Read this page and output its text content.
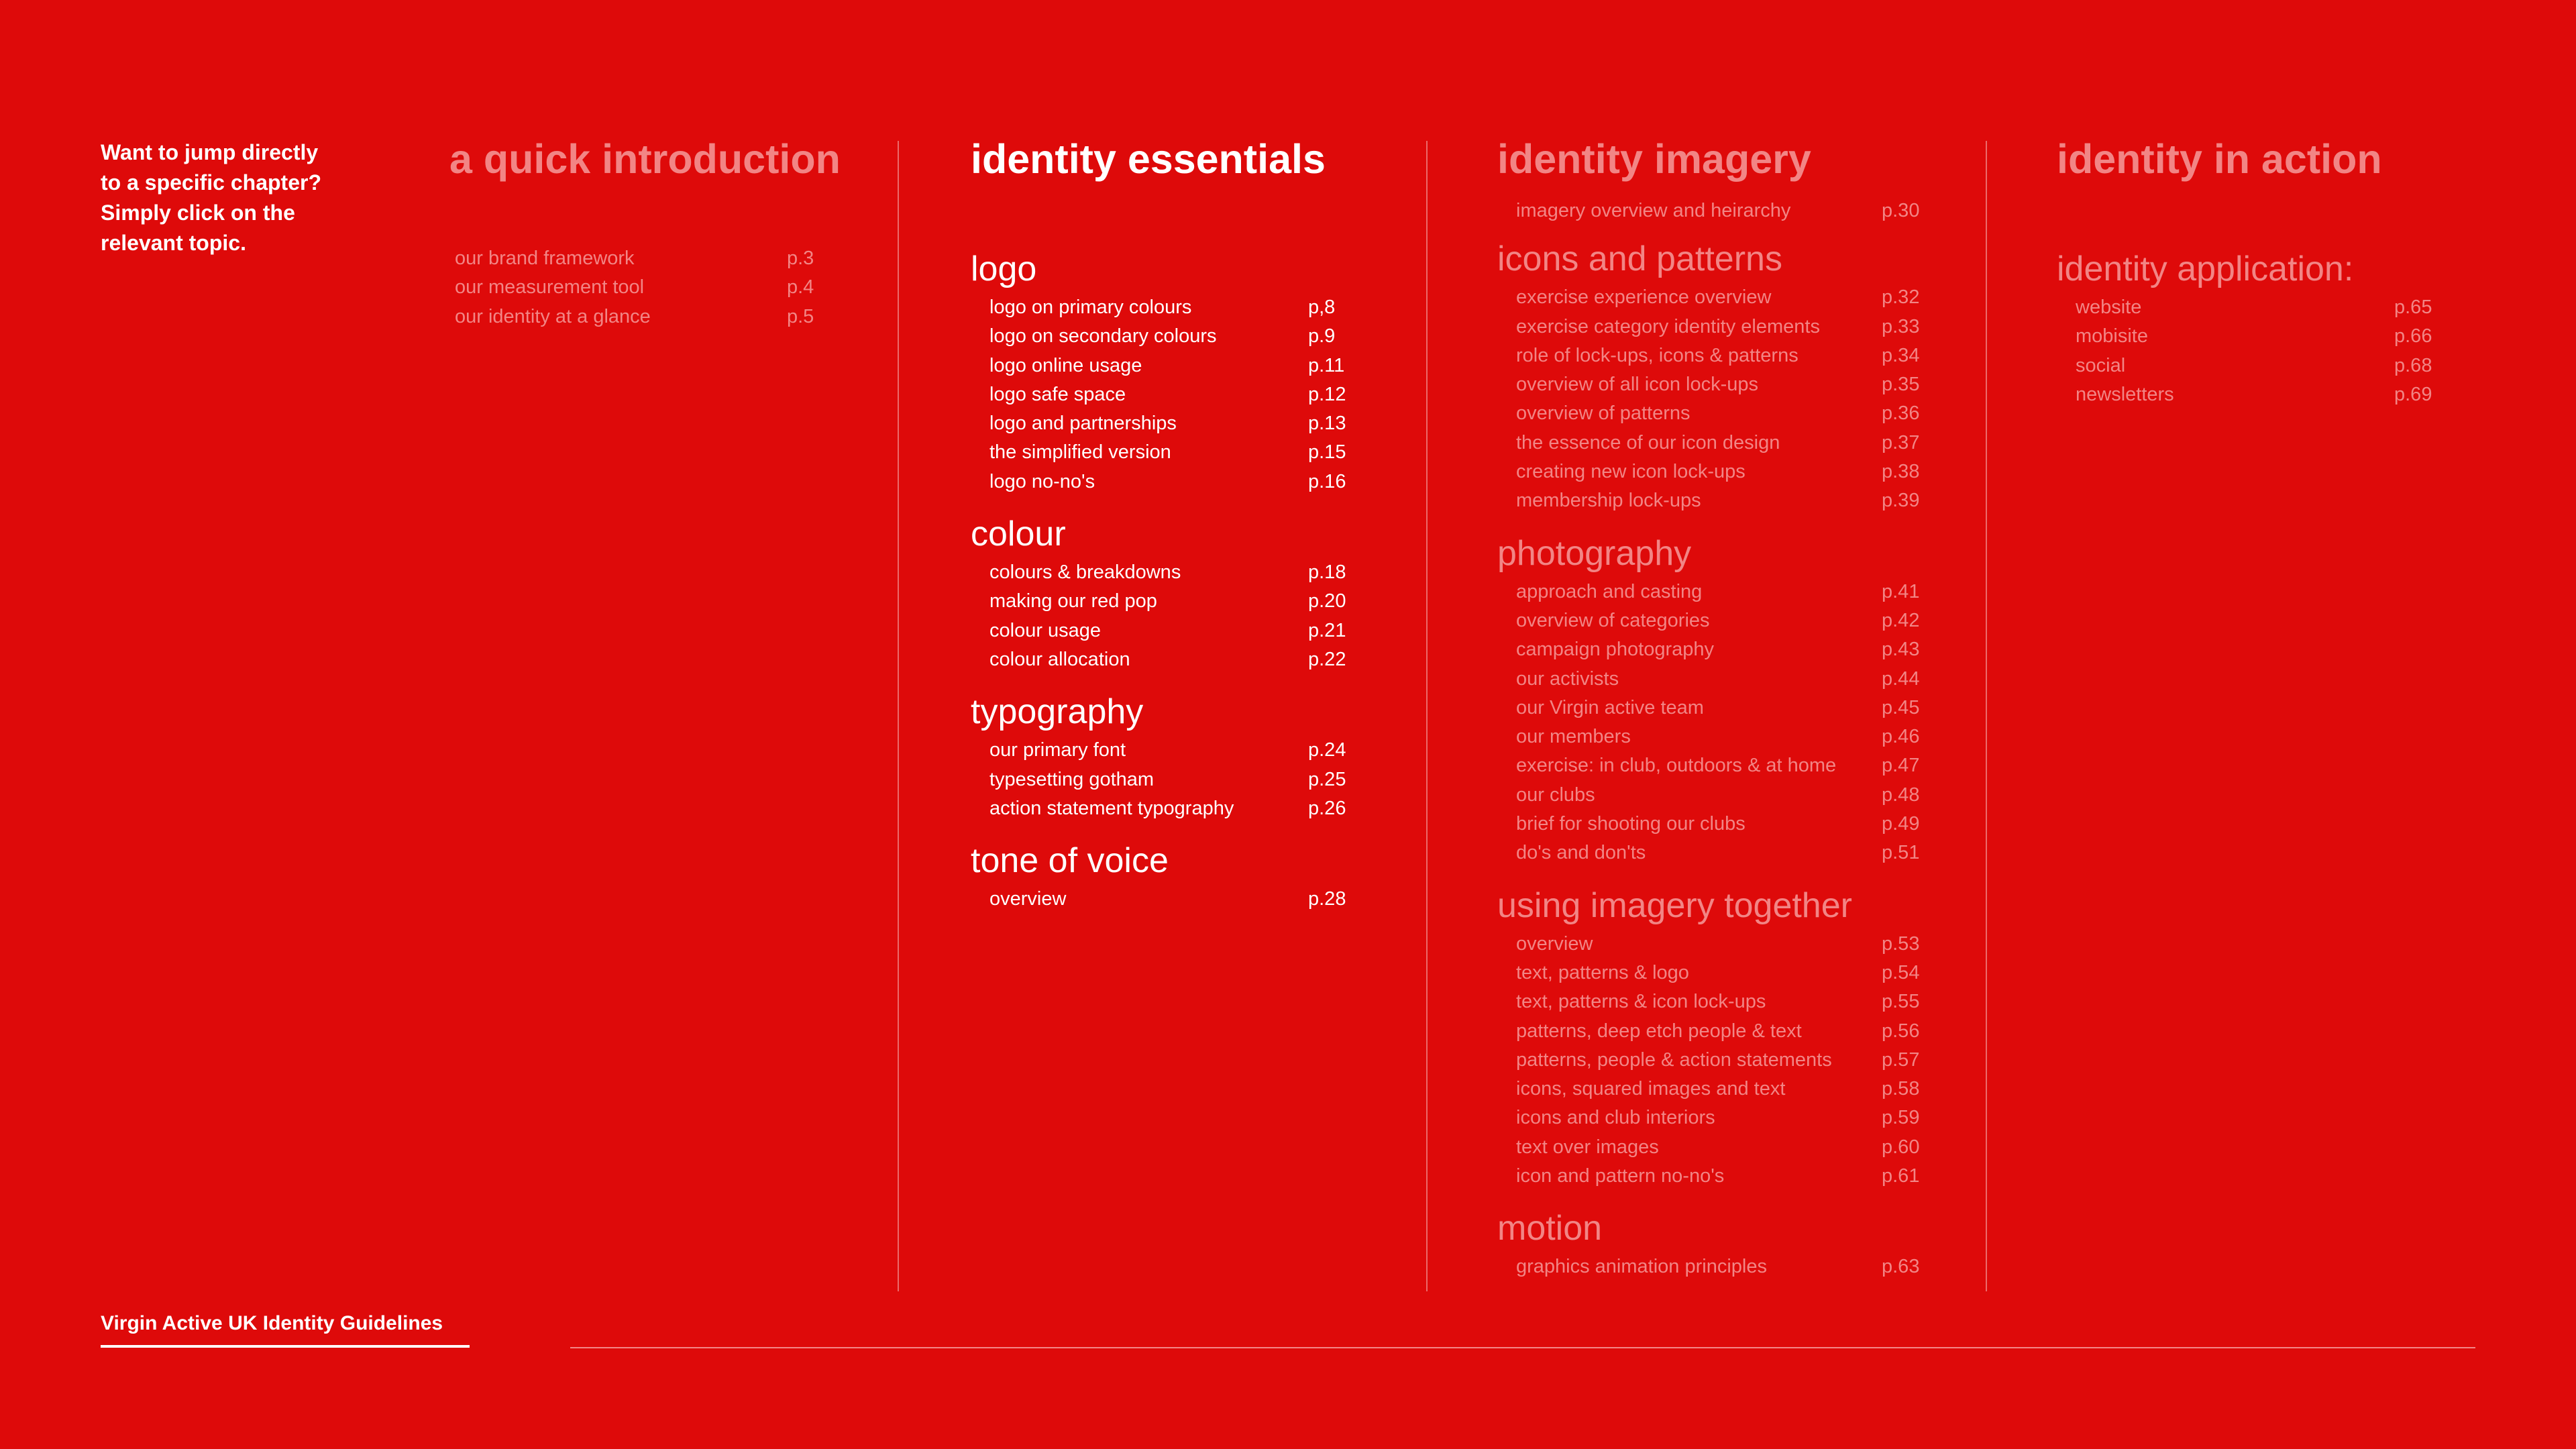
Want to jump directly
to a specific chapter?
Simply click on the
relevant topic.
a quick introduction
our brand framework	p.3
our measurement tool	p.4
our identity at a glance	p.5
identity essentials
logo
logo on primary colours	p,8
logo on secondary colours	p.9
logo online usage	p.11
logo safe space	p.12
logo and partnerships	p.13
the simplified version	p.15
logo no-no's	p.16
colour
colours & breakdowns	p.18
making our red pop	p.20
colour usage	p.21
colour allocation	p.22
typography
our primary font	p.24
typesetting gotham	p.25
action statement typography	p.26
tone of voice
overview	p.28
identity imagery
imagery overview and heirarchy	p.30
icons and patterns
exercise experience overview	p.32
exercise category identity elements	p.33
role of lock-ups, icons & patterns	p.34
overview of all icon lock-ups	p.35
overview of patterns	p.36
the essence of our icon design	p.37
creating new icon lock-ups	p.38
membership lock-ups	p.39
photography
approach and casting	p.41
overview of categories	p.42
campaign photography	p.43
our activists	p.44
our Virgin active team	p.45
our members	p.46
exercise: in club, outdoors & at home p.47
our clubs	p.48
brief for shooting our clubs	p.49
do's and don'ts	p.51
using imagery together
overview	p.53
text, patterns & logo	p.54
text, patterns & icon lock-ups	p.55
patterns, deep etch people & text	p.56
patterns, people & action statements	p.57
icons, squared images and text	p.58
icons and club interiors	p.59
text over images	p.60
icon and pattern no-no's	p.61
motion
graphics animation principles	p.63
identity in action
identity application:
website	p.65
mobisite	p.66
social	p.68
newsletters	p.69
Virgin Active UK Identity Guidelines
